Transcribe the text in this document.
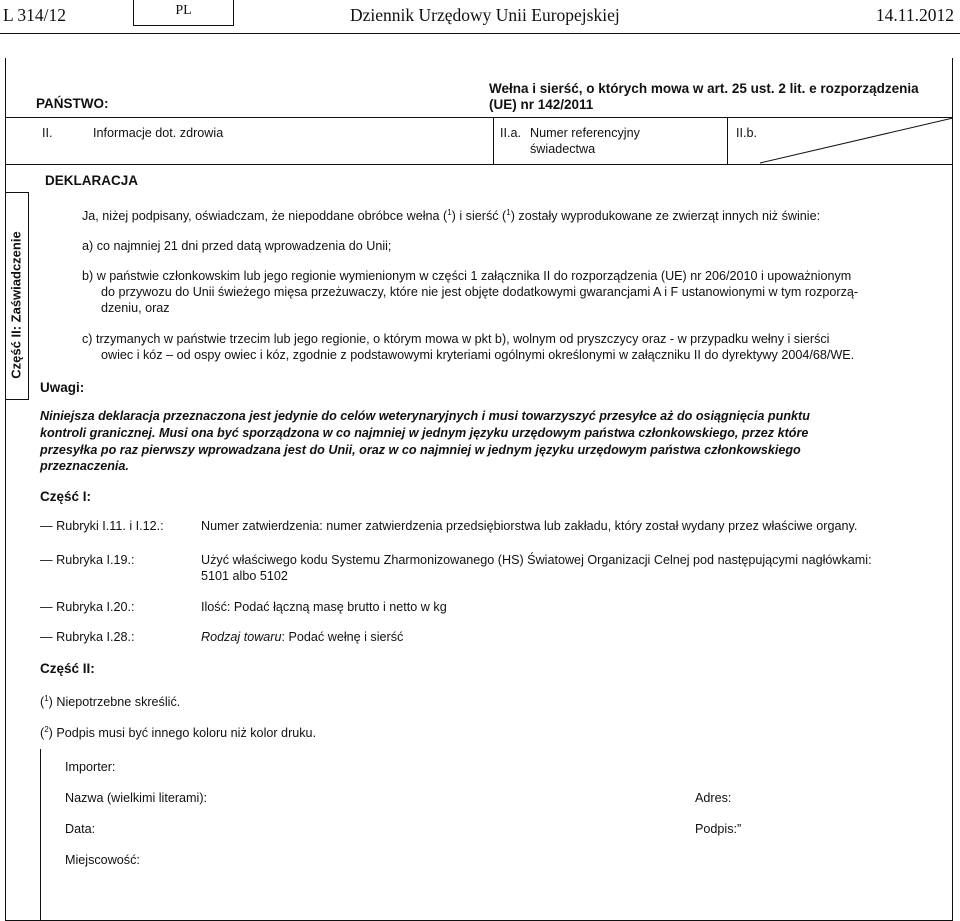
L 314/12	PL	Dziennik Urzędowy Unii Europejskiej	14.11.2012
PAŃSTWO:
Wełna i sierść, o których mowa w art. 25 ust. 2 lit. e rozporządzenia
(UE) nr 142/2011
II.	Informacje dot. zdrowia	II.a. Numer referencyjny
świadectwa
II.b.
Część II: Zaświadczenie
DEKLARACJA
Ja, niżej podpisany, oświadczam, że niepoddane obróbce wełna ($^1$) i sierść ($^1$) zostały wyprodukowane ze zwierząt innych niż świnie:
a) co najmniej 21 dni przed datą wprowadzenia do Unii;
b) w państwie członkowskim lub jego regionie wymienionym w części 1 załącznika II do rozporządzenia (UE) nr 206/2010 i upoważnionym
do przywozu do Unii świeżego mięsa przeżuwaczy, które nie jest objęte dodatkowymi gwarancjami A i F ustanowionymi w tym rozporzą-
dzeniu, oraz
c) trzymanych w państwie trzecim lub jego regionie, o którym mowa w pkt b), wolnym od pryszczycy oraz - w przypadku wełny i sierści
owiec i kóz – od ospy owiec i kóz, zgodnie z podstawowymi kryteriami ogólnymi określonymi w załączniku II do dyrektywy 2004/68/WE.
Uwagi:
Niniejsza deklaracja przeznaczona jest jedynie do celów weterynaryjnych i musi towarzyszyć przesyłce aż do osiągnięcia punktu
kontroli granicznej. Musi ona być sporządzona w co najmniej w jednym języku urzędowym państwa członkowskiego, przez które
przesyłka po raz pierwszy wprowadzana jest do Unii, oraz w co najmniej w jednym języku urzędowym państwa członkowskiego
przeznaczenia.
Część I:
— Rubryki I.11. i I.12.:	Numer zatwierdzenia: numer zatwierdzenia przedsiębiorstwa lub zakładu, który został wydany przez właściwe organy.
— Rubryka I.19.:	Użyć właściwego kodu Systemu Zharmonizowanego (HS) Światowej Organizacji Celnej pod następującymi nagłówkami:
5101 albo 5102
— Rubryka I.20.:	Ilość: Podać łączną masę brutto i netto w kg
— Rubryka I.28.:	Rodzaj towaru: Podać wełnę i sierść
Część II:
($^1$) Niepotrzebne skreślić.
($^2$) Podpis musi być innego koloru niż kolor druku.
Importer:
Nazwa (wielkimi literami):	Adres:
Data:	Podpis:”
Miejscowość:
